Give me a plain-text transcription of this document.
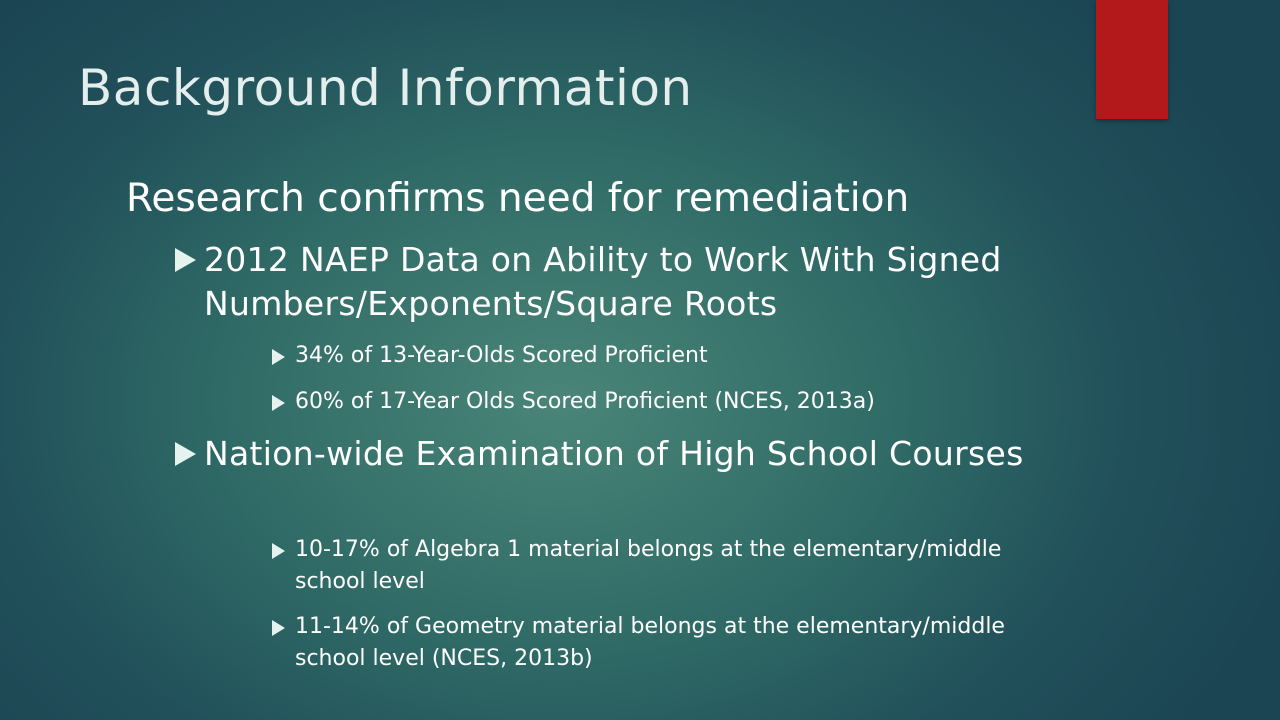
Background Information
Research confirms need for remediation
2012 NAEP Data on Ability to Work With Signed Numbers/Exponents/Square Roots
34% of 13-Year-Olds Scored Proficient
60% of 17-Year Olds Scored Proficient (NCES, 2013a)
Nation-wide Examination of High School Courses
10-17% of Algebra 1 material belongs at the elementary/middle school level
11-14% of Geometry material belongs at the elementary/middle school level (NCES, 2013b)
